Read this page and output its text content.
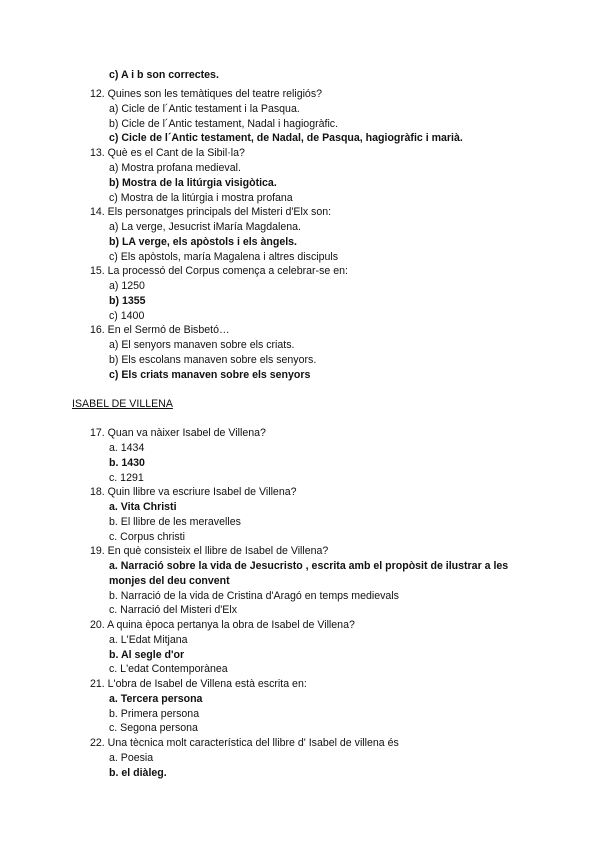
c) A i b son correctes.
12. Quines son les temàtiques del teatre religiós?
a) Cicle de l´Antic testament i la Pasqua.
b) Cicle de l´Antic testament, Nadal i hagiogràfic.
c) Cicle de l´Antic testament, de Nadal, de Pasqua, hagiogràfic i marià.
13. Què es el Cant de la Sibil·la?
a) Mostra profana medieval.
b) Mostra de la litúrgia visigòtica.
c) Mostra de la litúrgia i mostra profana
14. Els personatges principals del Misteri d'Elx son:
a) La verge, Jesucrist iMaría Magdalena.
b) LA verge, els apòstols i els àngels.
c) Els apòstols, maría Magalena i altres discipuls
15. La processó del Corpus comença a celebrar-se en:
a) 1250
b) 1355
c) 1400
16. En el Sermó de Bisbetó…
a) El senyors manaven sobre els criats.
b) Els escolans manaven sobre els senyors.
c) Els criats manaven sobre els senyors
ISABEL DE VILLENA
17. Quan va nàixer Isabel de Villena?
a. 1434
b. 1430
c. 1291
18. Quin llibre va escriure Isabel de Villena?
a. Vita Christi
b. El llibre de les meravelles
c. Corpus christi
19. En què consisteix el llibre de Isabel de Villena?
a. Narració sobre la vida de Jesucristo , escrita amb el propòsit de ilustrar a les
monjes del deu convent
b. Narració de la vida de Cristina d'Aragó en temps medievals
c. Narració del Misteri d'Elx
20. A quina època pertanya la obra de Isabel de Villena?
a. L'Edat Mitjana
b. Al segle d'or
c. L'edat Contemporànea
21. L'obra de Isabel de Villena està escrita en:
a. Tercera persona
b. Primera persona
c. Segona persona
22. Una tècnica molt característica del llibre d' Isabel de villena és
a. Poesia
b. el diàleg.
